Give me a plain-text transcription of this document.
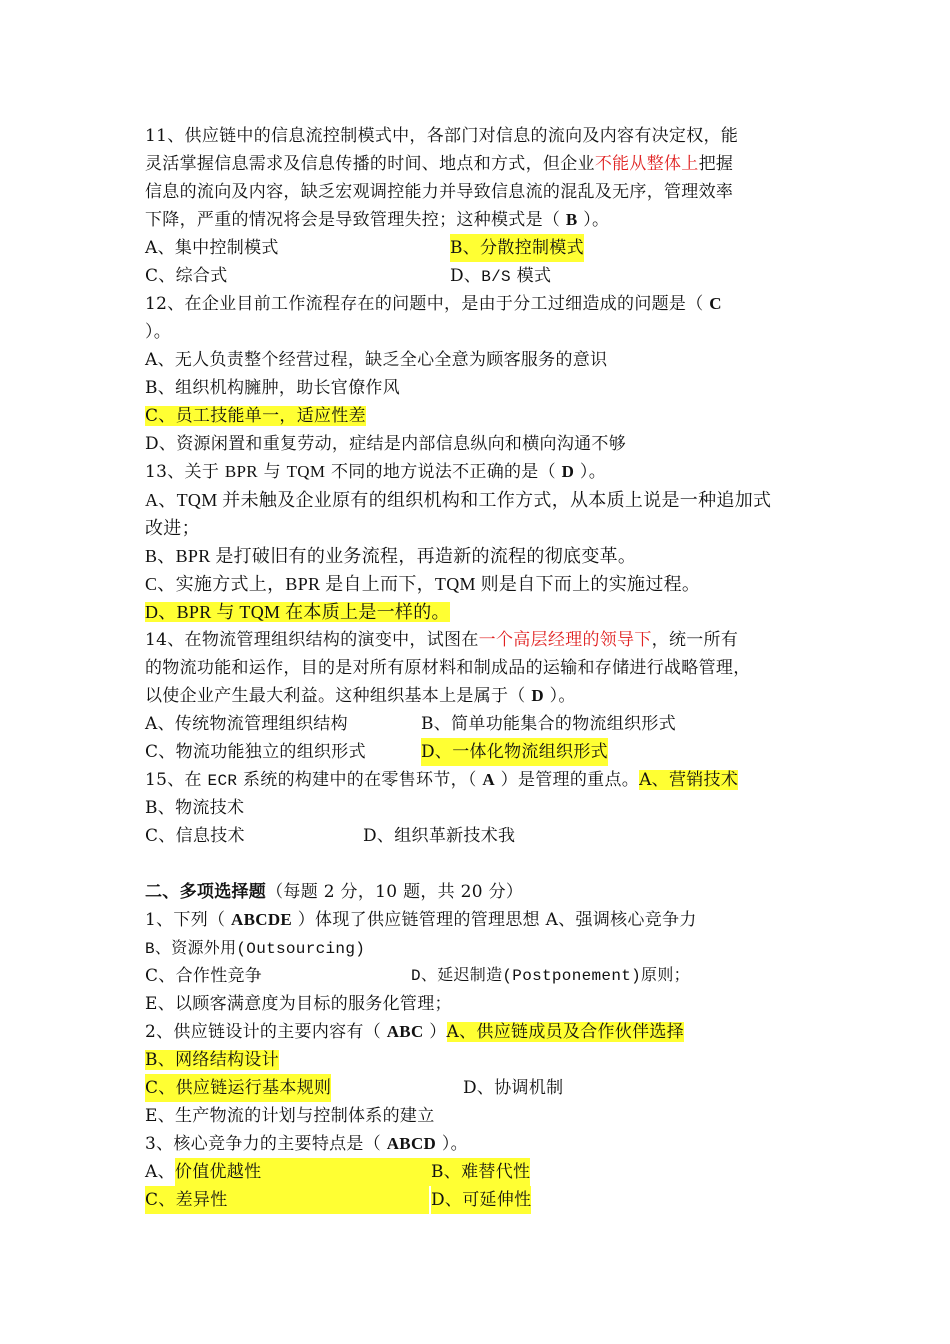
11、供应链中的信息流控制模式中，各部门对信息的流向及内容有决定权，能
灵活掌握信息需求及信息传播的时间、地点和方式，但企业不能从整体上把握
信息的流向及内容，缺乏宏观调控能力并导致信息流的混乱及无序，管理效率
下降，严重的情况将会是导致管理失控；这种模式是（ B ）。
A、集中控制模式	B、分散控制模式
C、综合式	D、B/S 模式
12、在企业目前工作流程存在的问题中，是由于分工过细造成的问题是（ C
）。
A、无人负责整个经营过程，缺乏全心全意为顾客服务的意识
B、组织机构臃肿，助长官僚作风
C、员工技能单一，适应性差
D、资源闲置和重复劳动，症结是内部信息纵向和横向沟通不够
13、关于 BPR 与 TQM 不同的地方说法不正确的是（ D ）。
A、TQM 并未触及企业原有的组织机构和工作方式，从本质上说是一种追加式
改进；
B、BPR 是打破旧有的业务流程，再造新的流程的彻底变革。
C、实施方式上，BPR 是自上而下，TQM 则是自下而上的实施过程。
D、BPR 与 TQM 在本质上是一样的。
14、在物流管理组织结构的演变中，试图在一个高层经理的领导下，统一所有
的物流功能和运作，目的是对所有原材料和制成品的运输和存储进行战略管理，
以使企业产生最大利益。这种组织基本上是属于（ D ）。
A、传统物流管理组织结构	B、简单功能集合的物流组织形式
C、物流功能独立的组织形式	D、一体化物流组织形式
15、在 ECR 系统的构建中的在零售环节，（ A ）是管理的重点。A、营销技术
B、物流技术
C、信息技术	D、组织革新技术我
二、多项选择题（每题 2 分，10 题，共 20 分）
1、下列（ ABCDE ）体现了供应链管理的管理思想 A、强调核心竞争力
B、资源外用(Outsourcing)
C、合作性竞争	D、延迟制造(Postponement)原则；
E、以顾客满意度为目标的服务化管理；
2、供应链设计的主要内容有（ ABC ）A、供应链成员及合作伙伴选择
B、网络结构设计
C、供应链运行基本规则	D、协调机制
E、生产物流的计划与控制体系的建立
3、核心竞争力的主要特点是（ ABCD ）。
A、价值优越性	B、难替代性
C、差异性	D、可延伸性
